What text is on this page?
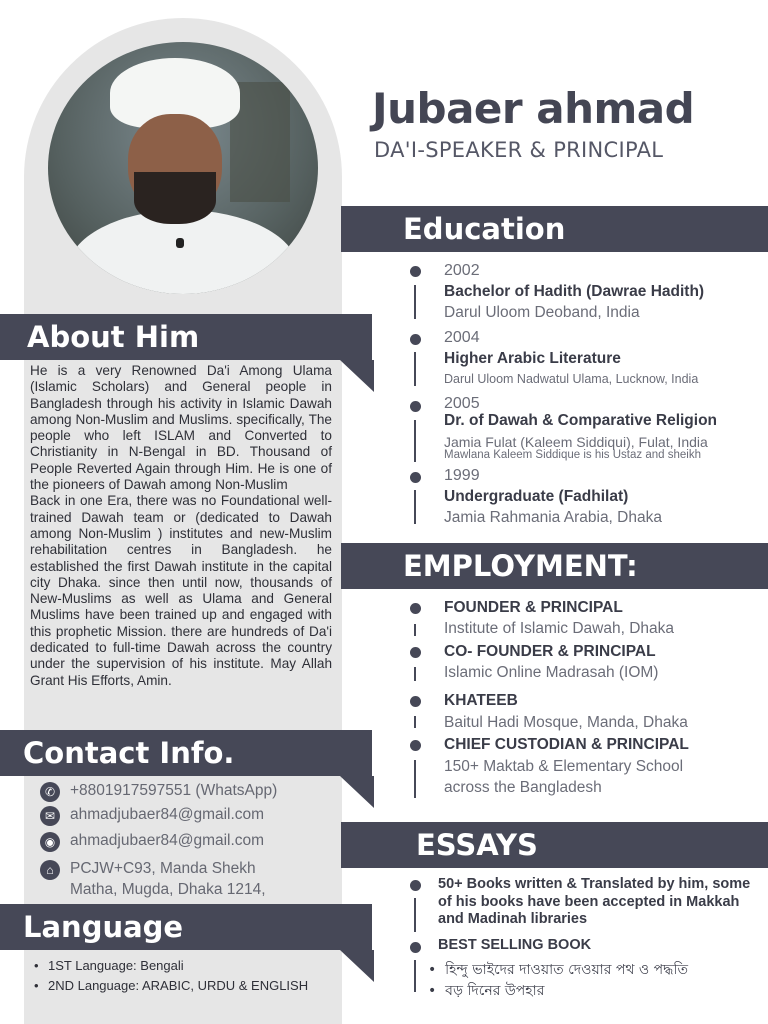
Jubaer ahmad
DA'I-SPEAKER & PRINCIPAL
About Him

He is a very Renowned Da'i Among Ulama (Islamic Scholars) and General people in Bangladesh through his activity in Islamic Dawah among Non-Muslim and Muslims. specifically, The people who left ISLAM and Converted to Christianity in N-Bengal in BD. Thousand of People Reverted Again through Him. He is one of the pioneers of Dawah among Non-Muslim

Back in one Era, there was no Foundational well-trained Dawah team or (dedicated to Dawah among Non-Muslim ) institutes and new-Muslim rehabilitation centres in Bangladesh. he established the first Dawah institute in the capital city Dhaka. since then until now, thousands of New-Muslims as well as Ulama and General Muslims have been trained up and engaged with this prophetic Mission. there are hundreds of Da'i dedicated to full-time Dawah across the country under the supervision of his institute. May Allah Grant His Efforts, Amin.

Contact Info.
✆ +8801917597551 (WhatsApp)
✉ ahmadjubaer84@gmail.com
◉ ahmadjubaer84@gmail.com
⌂	PCJW+C93, Manda Shekh
Matha, Mugda, Dhaka 1214,
Language
• 1ST Language: Bengali
• 2ND Language: ARABIC, URDU & ENGLISH
Education
2002
Bachelor of Hadith (Dawrae Hadith)
Darul Uloom Deoband, India
2004
Higher Arabic Literature
Darul Uloom Nadwatul Ulama, Lucknow, India
2005
Dr. of Dawah & Comparative Religion
Jamia Fulat (Kaleem Siddiqui), Fulat, India
Mawlana Kaleem Siddique is his Ustaz and sheikh
1999
Undergraduate (Fadhilat)
Jamia Rahmania Arabia, Dhaka
EMPLOYMENT:
FOUNDER & PRINCIPAL
Institute of Islamic Dawah, Dhaka
CO- FOUNDER & PRINCIPAL
Islamic Online Madrasah (IOM)
KHATEEB
Baitul Hadi Mosque, Manda, Dhaka
CHIEF CUSTODIAN & PRINCIPAL
150+ Maktab & Elementary School
across the Bangladesh
ESSAYS
50+ Books written & Translated by him, some of his books have been accepted in Makkah and Madinah libraries
BEST SELLING BOOK
•  হিন্দু ভাইদের দাওয়াত দেওয়ার পথ ও পদ্ধতি
•  বড় দিনের উপহার
